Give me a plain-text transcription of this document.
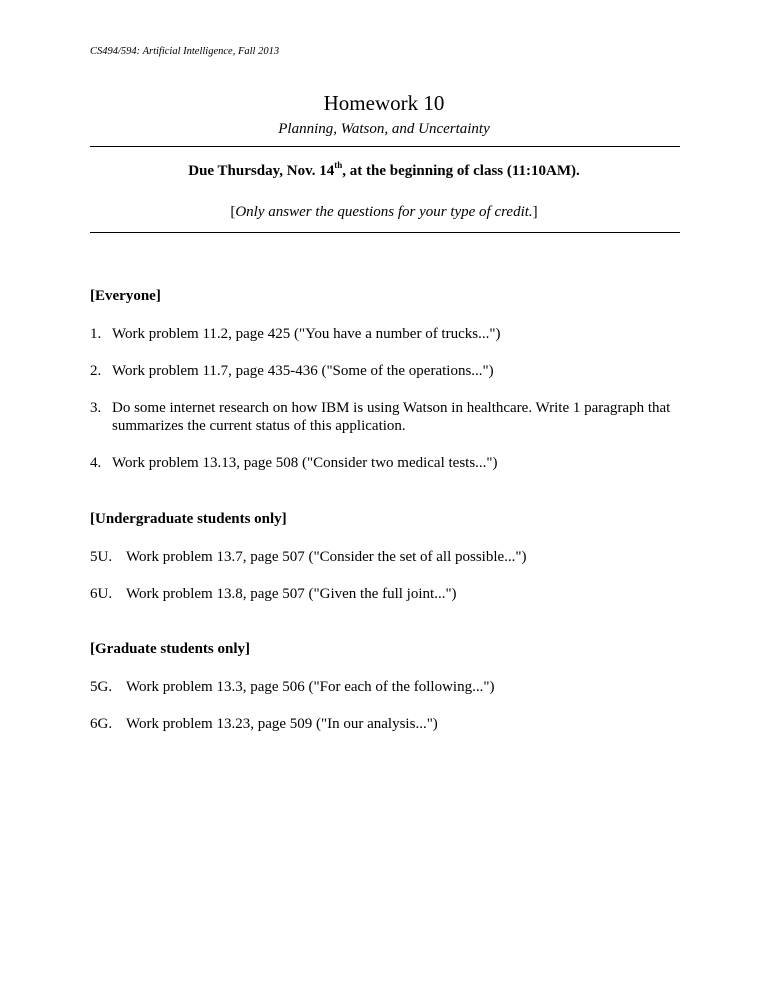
CS494/594: Artificial Intelligence, Fall 2013
Homework 10
Planning, Watson, and Uncertainty
Due Thursday, Nov. 14th, at the beginning of class (11:10AM).
[Only answer the questions for your type of credit.]
[Everyone]
1. Work problem 11.2, page 425 ("You have a number of trucks...")
2. Work problem 11.7, page 435-436 ("Some of the operations...")
3. Do some internet research on how IBM is using Watson in healthcare. Write 1 paragraph that summarizes the current status of this application.
4. Work problem 13.13, page 508 ("Consider two medical tests...")
[Undergraduate students only]
5U. Work problem 13.7, page 507 ("Consider the set of all possible...")
6U. Work problem 13.8, page 507 ("Given the full joint...")
[Graduate students only]
5G. Work problem 13.3, page 506 ("For each of the following...")
6G. Work problem 13.23, page 509 ("In our analysis...")
